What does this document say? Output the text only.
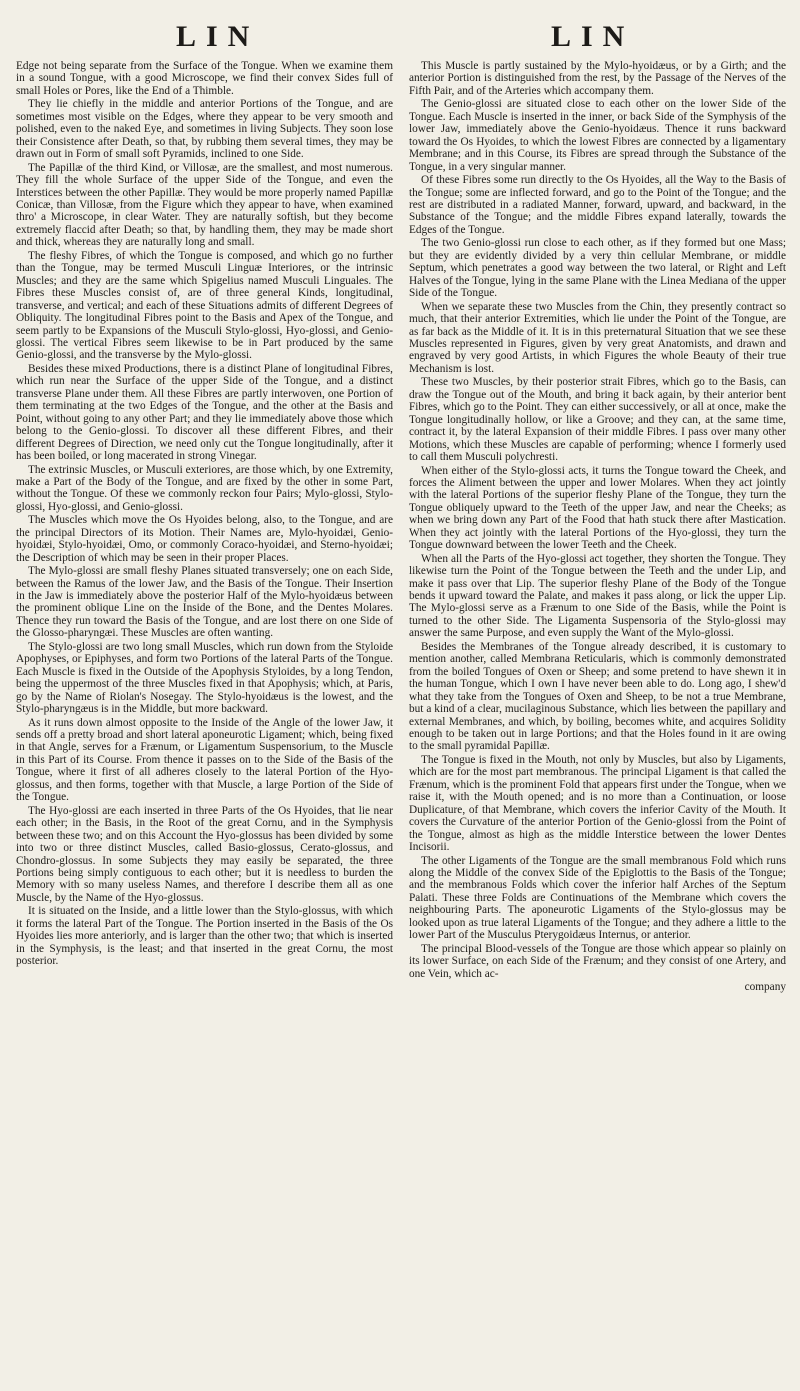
LIN	LIN

Edge not being separate from the Surface of the Tongue. When we examine them in a sound Tongue, with a good Microscope, we find their convex Sides full of small Holes or Pores, like the End of a Thimble.

They lie chiefly in the middle and anterior Portions of the Tongue, and are sometimes most visible on the Edges, where they appear to be very smooth and polished, even to the naked Eye, and sometimes in living Subjects. They soon lose their Consistence after Death, so that, by rubbing them several times, they may be drawn out in Form of small soft Pyramids, inclined to one Side.

The Papillæ of the third Kind, or Villosæ, are the smallest, and most numerous. They fill the whole Surface of the upper Side of the Tongue, and even the Interstices between the other Papillæ. They would be more properly named Papillæ Conicæ, than Villosæ, from the Figure which they appear to have, when examined thro' a Microscope, in clear Water. They are naturally softish, but they become extremely flaccid after Death; so that, by handling them, they may be made short and thick, whereas they are naturally long and small.

The fleshy Fibres, of which the Tongue is composed, and which go no further than the Tongue, may be termed Musculi Linguæ Interiores, or the intrinsic Muscles; and they are the same which Spigelius named Musculi Linguales. The Fibres these Muscles consist of, are of three general Kinds, longitudinal, transverse, and vertical; and each of these Situations admits of different Degrees of Obliquity. The longitudinal Fibres point to the Basis and Apex of the Tongue, and seem partly to be Expansions of the Musculi Stylo-glossi, Hyo-glossi, and Genio-glossi. The vertical Fibres seem likewise to be in Part produced by the same Genio-glossi, and the transverse by the Mylo-glossi.

Besides these mixed Productions, there is a distinct Plane of longitudinal Fibres, which run near the Surface of the upper Side of the Tongue, and a distinct transverse Plane under them. All these Fibres are partly interwoven, one Portion of them terminating at the two Edges of the Tongue, and the other at the Basis and Point, without going to any other Part; and they lie immediately above those which belong to the Genio-glossi. To discover all these different Fibres, and their different Degrees of Direction, we need only cut the Tongue longitudinally, after it has been boiled, or long macerated in strong Vinegar.

The extrinsic Muscles, or Musculi exteriores, are those which, by one Extremity, make a Part of the Body of the Tongue, and are fixed by the other in some Part, without the Tongue. Of these we commonly reckon four Pairs; Mylo-glossi, Stylo-glossi, Hyo-glossi, and Genio-glossi.

The Muscles which move the Os Hyoides belong, also, to the Tongue, and are the principal Directors of its Motion. Their Names are, Mylo-hyoidæi, Genio-hyoidæi, Stylo-hyoidæi, Omo, or commonly Coraco-hyoidæi, and Sterno-hyoidæi; the Description of which may be seen in their proper Places.

The Mylo-glossi are small fleshy Planes situated transversely; one on each Side, between the Ramus of the lower Jaw, and the Basis of the Tongue. Their Insertion in the Jaw is immediately above the posterior Half of the Mylo-hyoidæus between the prominent oblique Line on the Inside of the Bone, and the Dentes Molares. Thence they run toward the Basis of the Tongue, and are lost there on one Side of the Glosso-pharyngæi. These Muscles are often wanting.

The Stylo-glossi are two long small Muscles, which run down from the Styloide Apophyses, or Epiphyses, and form two Portions of the lateral Parts of the Tongue. Each Muscle is fixed in the Outside of the Apophysis Styloides, by a long Tendon, being the uppermost of the three Muscles fixed in that Apophysis; which, at Paris, go by the Name of Riolan's Nosegay. The Stylo-hyoidæus is the lowest, and the Stylo-pharyngæus is in the Middle, but more backward.

As it runs down almost opposite to the Inside of the Angle of the lower Jaw, it sends off a pretty broad and short lateral aponeurotic Ligament; which, being fixed in that Angle, serves for a Frænum, or Ligamentum Suspensorium, to the Muscle in this Part of its Course. From thence it passes on to the Side of the Basis of the Tongue, where it first of all adheres closely to the lateral Portion of the Hyo-glossus, and then forms, together with that Muscle, a large Portion of the Side of the Tongue.

The Hyo-glossi are each inserted in three Parts of the Os Hyoides, that lie near each other; in the Basis, in the Root of the great Cornu, and in the Symphysis between these two; and on this Account the Hyo-glossus has been divided by some into two or three distinct Muscles, called Basio-glossus, Cerato-glossus, and Chondro-glossus. In some Subjects they may easily be separated, the three Portions being simply contiguous to each other; but it is needless to burden the Memory with so many useless Names, and therefore I describe them all as one Muscle, by the Name of the Hyo-glossus.

It is situated on the Inside, and a little lower than the Stylo-glossus, with which it forms the lateral Part of the Tongue. The Portion inserted in the Basis of the Os Hyoides lies more anteriorly, and is larger than the other two; that which is inserted in the Symphysis, is the least; and that inserted in the great Cornu, the most posterior.

This Muscle is partly sustained by the Mylo-hyoidæus, or by a Girth; and the anterior Portion is distinguished from the rest, by the Passage of the Nerves of the Fifth Pair, and of the Arteries which accompany them.

The Genio-glossi are situated close to each other on the lower Side of the Tongue. Each Muscle is inserted in the inner, or back Side of the Symphysis of the lower Jaw, immediately above the Genio-hyoidæus. Thence it runs backward toward the Os Hyoides, to which the lowest Fibres are connected by a ligamentary Membrane; and in this Course, its Fibres are spread through the Substance of the Tongue, in a very singular manner.

Of these Fibres some run directly to the Os Hyoides, all the Way to the Basis of the Tongue; some are inflected forward, and go to the Point of the Tongue; and the rest are distributed in a radiated Manner, forward, upward, and backward, in the Substance of the Tongue; and the middle Fibres expand laterally, towards the Edges of the Tongue.

The two Genio-glossi run close to each other, as if they formed but one Mass; but they are evidently divided by a very thin cellular Membrane, or middle Septum, which penetrates a good way between the two lateral, or Right and Left Halves of the Tongue, lying in the same Plane with the Linea Mediana of the upper Side of the Tongue.

When we separate these two Muscles from the Chin, they presently contract so much, that their anterior Extremities, which lie under the Point of the Tongue, are as far back as the Middle of it. It is in this preternatural Situation that we see these Muscles represented in Figures, given by very great Anatomists, and drawn and engraved by very good Artists, in which Figures the whole Beauty of their true Mechanism is lost.

These two Muscles, by their posterior strait Fibres, which go to the Basis, can draw the Tongue out of the Mouth, and bring it back again, by their anterior bent Fibres, which go to the Point. They can either successively, or all at once, make the Tongue longitudinally hollow, or like a Groove; and they can, at the same time, contract it, by the lateral Expansion of their middle Fibres. I pass over many other Motions, which these Muscles are capable of performing; whence I formerly used to call them Musculi polychresti.

When either of the Stylo-glossi acts, it turns the Tongue toward the Cheek, and forces the Aliment between the upper and lower Molares. When they act jointly with the lateral Portions of the superior fleshy Plane of the Tongue, they turn the Tongue obliquely upward to the Teeth of the upper Jaw, and near the Cheeks; as when we bring down any Part of the Food that hath stuck there after Mastication. When they act jointly with the lateral Portions of the Hyo-glossi, they turn the Tongue downward between the lower Teeth and the Cheek.

When all the Parts of the Hyo-glossi act together, they shorten the Tongue. They likewise turn the Point of the Tongue between the Teeth and the under Lip, and make it pass over that Lip. The superior fleshy Plane of the Body of the Tongue bends it upward toward the Palate, and makes it pass along, or lick the upper Lip. The Mylo-glossi serve as a Frænum to one Side of the Basis, while the Point is turned to the other Side. The Ligamenta Suspensoria of the Stylo-glossi may answer the same Purpose, and even supply the Want of the Mylo-glossi.

Besides the Membranes of the Tongue already described, it is customary to mention another, called Membrana Reticularis, which is commonly demonstrated from the boiled Tongues of Oxen or Sheep; and some pretend to have shewn it in the human Tongue, which I own I have never been able to do. Long ago, I shew'd what they take from the Tongues of Oxen and Sheep, to be not a true Membrane, but a kind of a clear, mucilaginous Substance, which lies between the papillary and external Membranes, and which, by boiling, becomes white, and acquires Solidity enough to be taken out in large Portions; and that the Holes found in it are owing to the small pyramidal Papillæ.

The Tongue is fixed in the Mouth, not only by Muscles, but also by Ligaments, which are for the most part membranous. The principal Ligament is that called the Frænum, which is the prominent Fold that appears first under the Tongue, when we raise it, with the Mouth opened; and is no more than a Continuation, or loose Duplicature, of that Membrane, which covers the inferior Cavity of the Mouth. It covers the Curvature of the anterior Portion of the Genio-glossi from the Point of the Tongue, almost as high as the middle Interstice between the lower Dentes Incisorii.

The other Ligaments of the Tongue are the small membranous Fold which runs along the Middle of the convex Side of the Epiglottis to the Basis of the Tongue; and the membranous Folds which cover the inferior half Arches of the Septum Palati. These three Folds are Continuations of the Membrane which covers the neighbouring Parts. The aponeurotic Ligaments of the Stylo-glossus may be looked upon as true lateral Ligaments of the Tongue; and they adhere a little to the lower Part of the Musculus Pterygoidæus Internus, or anterior.

The principal Blood-vessels of the Tongue are those which appear so plainly on its lower Surface, on each Side of the Frænum; and they consist of one Artery, and one Vein, which ac-

company
